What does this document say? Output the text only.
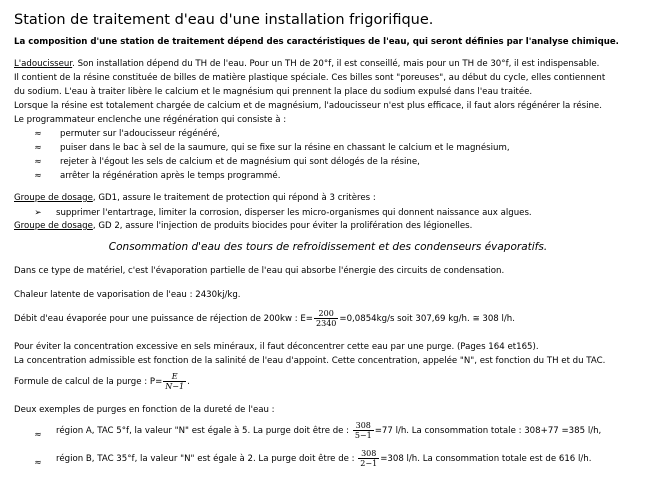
Station de traitement d'eau d'une installation frigorifique.
La composition d'une station de traitement dépend des caractéristiques de l'eau, qui seront définies par l'analyse chimique.
L'adoucisseur. Son installation dépend du TH de l'eau. Pour un TH de 20°f, il est conseillé, mais pour un TH de 30°f, il est indispensable.
Il contient de la résine constituée de billes de matière plastique spéciale. Ces billes sont "poreuses", au début du cycle, elles contiennent
du sodium. L'eau à traiter libère le calcium et le magnésium qui prennent la place du sodium expulsé dans l'eau traitée.
Lorsque la résine est totalement chargée de calcium et de magnésium, l'adoucisseur n'est plus efficace, il faut alors régénérer la résine.
Le programmateur enclenche une régénération qui consiste à :
≈	permuter sur l'adoucisseur régénéré,
≈	puiser dans le bac à sel de la saumure, qui se fixe sur la résine en chassant le calcium et le magnésium,
≈	rejeter à l'égout les sels de calcium et de magnésium qui sont délogés de la résine,
≈	arrêter la régénération après le temps programmé.
Groupe de dosage, GD1, assure le traitement de protection qui répond à 3 critères :
➢	supprimer l'entartrage, limiter la corrosion, disperser les micro-organismes qui donnent naissance aux algues.
Groupe de dosage, GD 2, assure l'injection de produits biocides pour éviter la prolifération des légionelles.
Consommation d'eau des tours de refroidissement et des condenseurs évaporatifs.
Dans ce type de matériel, c'est l'évaporation partielle de l'eau qui absorbe l'énergie des circuits de condensation.
Chaleur latente de vaporisation de l'eau : 2430kj/kg.
Débit d'eau évaporée pour une puissance de réjection de 200kw : $E= \frac{200}{2340} =0,0854kg/s$ soit 307,69 kg/h. ≅ 308 l/h.
Pour éviter la concentration excessive en sels minéraux, il faut déconcentrer cette eau par une purge. (Pages 164 et165).
La concentration admissible est fonction de la salinité de l'eau d'appoint. Cette concentration, appelée "N", est fonction du TH et du TAC.
Formule de calcul de la purge : $P= \frac{E}{N-1}$ .
Deux exemples de purges en fonction de la dureté de l'eau :
≈	région A, TAC 5°f, la valeur "N" est égale à 5. La purge doit être de : $\frac{308}{5-1} =77$ l/h. La consommation totale : 308+77 =385 l/h,
≈	région B, TAC 35°f, la valeur "N" est égale à 2. La purge doit être de : $\frac{308}{2-1} =308$ l/h. La consommation totale est de 616 l/h.
